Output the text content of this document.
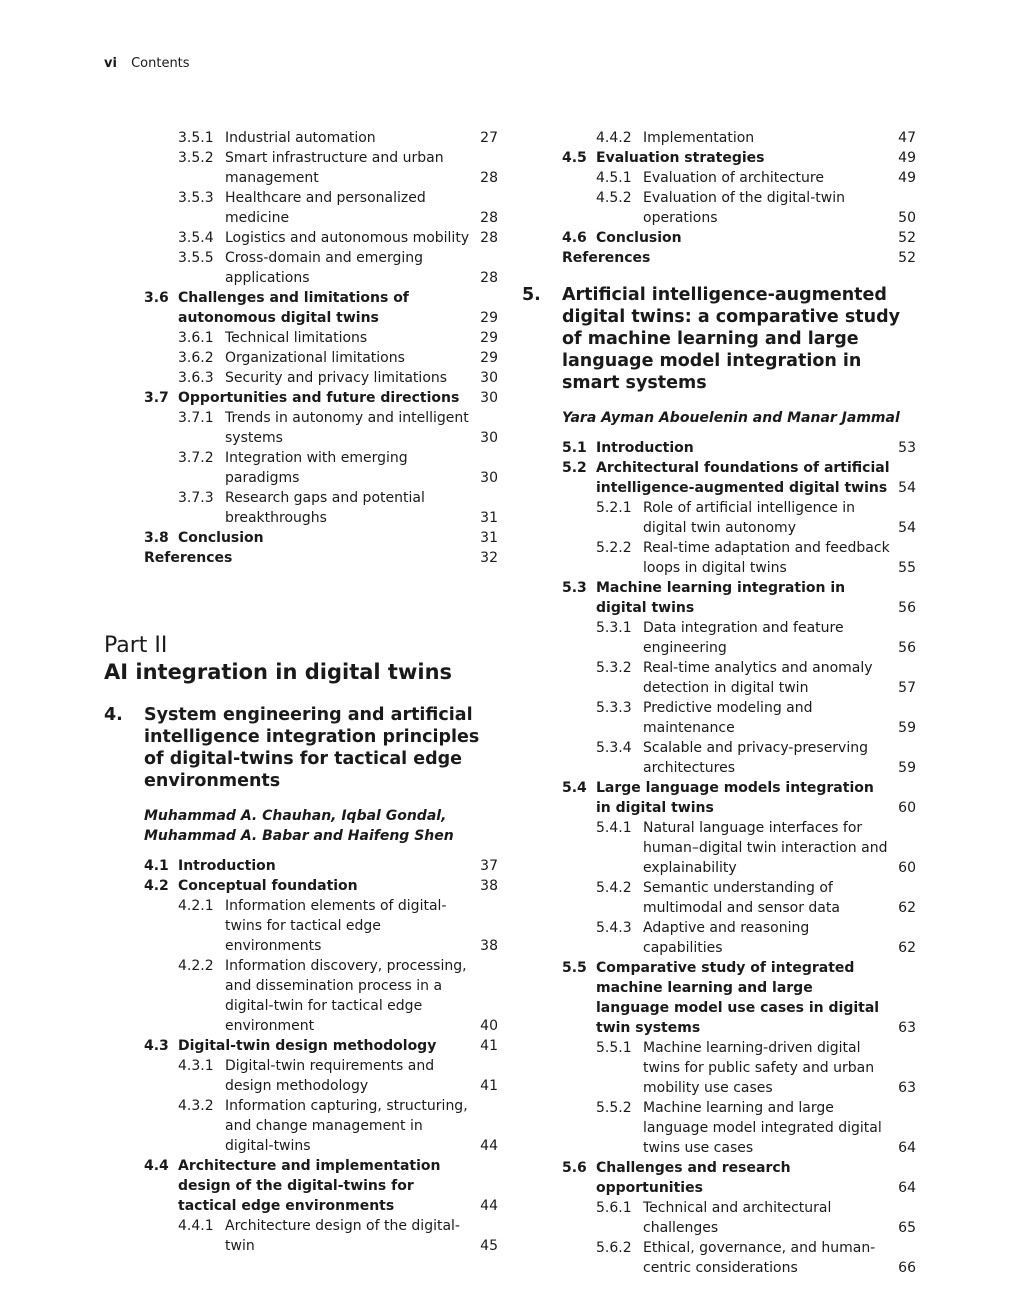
vi Contents
3.5.1 Industrial automation	27
3.5.2 Smart infrastructure and urban management	28
3.5.3 Healthcare and personalized medicine	28
3.5.4 Logistics and autonomous mobility 28
3.5.5 Cross-domain and emerging applications	28
3.6 Challenges and limitations of autonomous digital twins	29
3.6.1 Technical limitations	29
3.6.2 Organizational limitations	29
3.6.3 Security and privacy limitations	30
3.7 Opportunities and future directions	30
3.7.1 Trends in autonomy and intelligent systems	30
3.7.2 Integration with emerging paradigms	30
3.7.3 Research gaps and potential breakthroughs	31
3.8 Conclusion	31
References	32
Part II
AI integration in digital twins
4. System engineering and artificial intelligence integration principles of digital-twins for tactical edge environments
Muhammad A. Chauhan, Iqbal Gondal,
Muhammad A. Babar and Haifeng Shen
4.1 Introduction	37
4.2 Conceptual foundation	38
4.2.1 Information elements of digital-twins for tactical edge environments	38
4.2.2 Information discovery, processing, and dissemination process in a digital-twin for tactical edge environment	40
4.3 Digital-twin design methodology	41
4.3.1 Digital-twin requirements and design methodology	41
4.3.2 Information capturing, structuring, and change management in digital-twins	44
4.4 Architecture and implementation design of the digital-twins for tactical edge environments	44
4.4.1 Architecture design of the digital-twin	45
4.4.2 Implementation	47
4.5 Evaluation strategies	49
4.5.1 Evaluation of architecture	49
4.5.2 Evaluation of the digital-twin operations	50
4.6 Conclusion	52
References	52
5. Artificial intelligence-augmented digital twins: a comparative study of machine learning and large language model integration in smart systems
Yara Ayman Abouelenin and Manar Jammal
5.1 Introduction	53
5.2 Architectural foundations of artificial intelligence-augmented digital twins 54
5.2.1 Role of artificial intelligence in digital twin autonomy	54
5.2.2 Real-time adaptation and feedback loops in digital twins	55
5.3 Machine learning integration in digital twins	56
5.3.1 Data integration and feature engineering	56
5.3.2 Real-time analytics and anomaly detection in digital twin	57
5.3.3 Predictive modeling and maintenance	59
5.3.4 Scalable and privacy-preserving architectures	59
5.4 Large language models integration in digital twins	60
5.4.1 Natural language interfaces for human–digital twin interaction and explainability	60
5.4.2 Semantic understanding of multimodal and sensor data	62
5.4.3 Adaptive and reasoning capabilities	62
5.5 Comparative study of integrated machine learning and large language model use cases in digital twin systems	63
5.5.1 Machine learning-driven digital twins for public safety and urban mobility use cases	63
5.5.2 Machine learning and large language model integrated digital twins use cases	64
5.6 Challenges and research opportunities	64
5.6.1 Technical and architectural challenges	65
5.6.2 Ethical, governance, and human-centric considerations	66
